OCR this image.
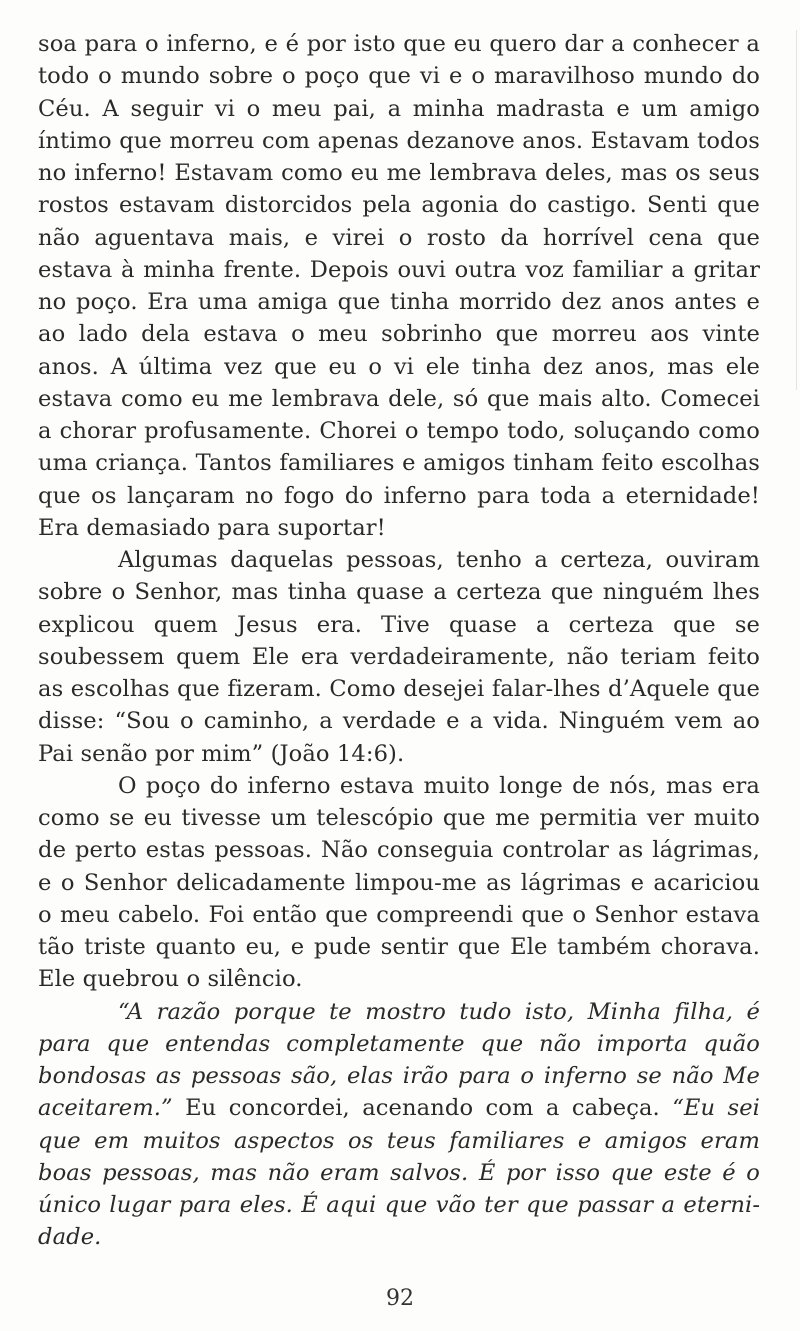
soa para o inferno, e é por isto que eu quero dar a conhecer a todo o mundo sobre o poço que vi e o maravilhoso mundo do Céu. A seguir vi o meu pai, a minha madrasta e um amigo íntimo que morreu com apenas dezanove anos. Estavam todos no inferno! Estavam como eu me lembrava deles, mas os seus rostos estavam distorcidos pela agonia do castigo. Senti que não aguentava mais, e virei o rosto da horrível cena que estava à minha frente. Depois ouvi outra voz familiar a gritar no poço. Era uma amiga que tinha morrido dez anos antes e ao lado dela estava o meu sobrinho que morreu aos vinte anos. A última vez que eu o vi ele tinha dez anos, mas ele estava como eu me lembrava dele, só que mais alto. Comecei a chorar profusamente. Chorei o tempo todo, soluçando como uma criança. Tantos familiares e amigos tinham feito escolhas que os lançaram no fogo do inferno para toda a eternidade! Era demasiado para suportar!

Algumas daquelas pessoas, tenho a certeza, ouviram sobre o Senhor, mas tinha quase a certeza que ninguém lhes explicou quem Jesus era. Tive quase a certeza que se soubessem quem Ele era verdadeiramente, não teriam feito as escolhas que fizeram. Como desejei falar-lhes d’Aquele que disse: “Sou o caminho, a verdade e a vida. Ninguém vem ao Pai senão por mim” (João 14:6).

O poço do inferno estava muito longe de nós, mas era como se eu tivesse um telescópio que me permitia ver muito de perto estas pessoas. Não conseguia controlar as lágrimas, e o Senhor delicadamente limpou-me as lágrimas e acariciou o meu cabelo. Foi então que compreendi que o Senhor estava tão triste quanto eu, e pude sentir que Ele também chorava. Ele quebrou o silêncio.

“A razão porque te mostro tudo isto, Minha filha, é para que entendas completamente que não importa quão bondosas as pessoas são, elas irão para o inferno se não Me aceitarem.” Eu concordei, acenando com a cabeça. “Eu sei que em muitos aspectos os teus familiares e amigos eram boas pessoas, mas não eram salvos. É por isso que este é o único lugar para eles. É aqui que vão ter que passar a eternidade.

92
